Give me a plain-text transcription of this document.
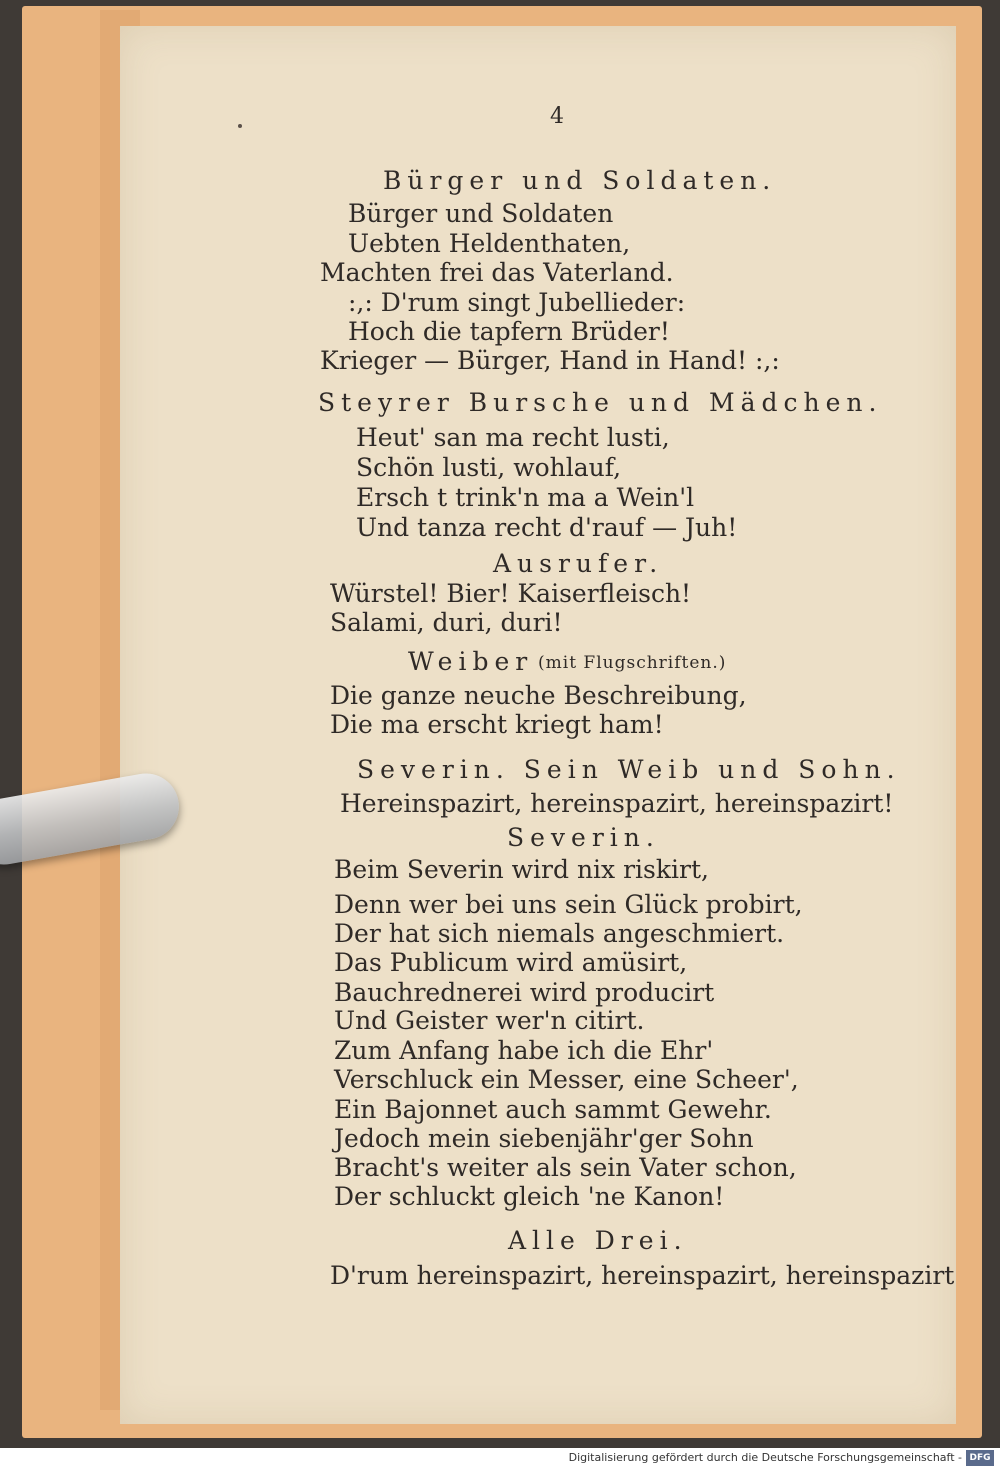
4
Bürger und Soldaten.
Bürger und Soldaten
Uebten Heldenthaten,
Machten frei das Vaterland.
:,: D'rum singt Jubellieder:
Hoch die tapfern Brüder!
Krieger — Bürger, Hand in Hand! :,:
Steyrer Bursche und Mädchen.
Heut' san ma recht lusti,
Schön lusti, wohlauf,
Ersch t trink'n ma a Wein'l
Und tanza recht d'rauf — Juh!
Ausrufer.
Würstel! Bier! Kaiserfleisch!
Salami, duri, duri!
Weiber (mit Flugschriften.)
Die ganze neuche Beschreibung,
Die ma erscht kriegt ham!
Severin. Sein Weib und Sohn.
Hereinspazirt, hereinspazirt, hereinspazirt!
Severin.
Beim Severin wird nix riskirt,
Denn wer bei uns sein Glück probirt,
Der hat sich niemals angeschmiert.
Das Publicum wird amüsirt,
Bauchrednerei wird producirt
Und Geister wer'n citirt.
Zum Anfang habe ich die Ehr'
Verschluck ein Messer, eine Scheer',
Ein Bajonnet auch sammt Gewehr.
Jedoch mein siebenjähr'ger Sohn
Bracht's weiter als sein Vater schon,
Der schluckt gleich 'ne Kanon!
Alle Drei.
D'rum hereinspazirt, hereinspazirt, hereinspazirt
Digitalisierung gefördert durch die Deutsche Forschungsgemeinschaft - DFG
